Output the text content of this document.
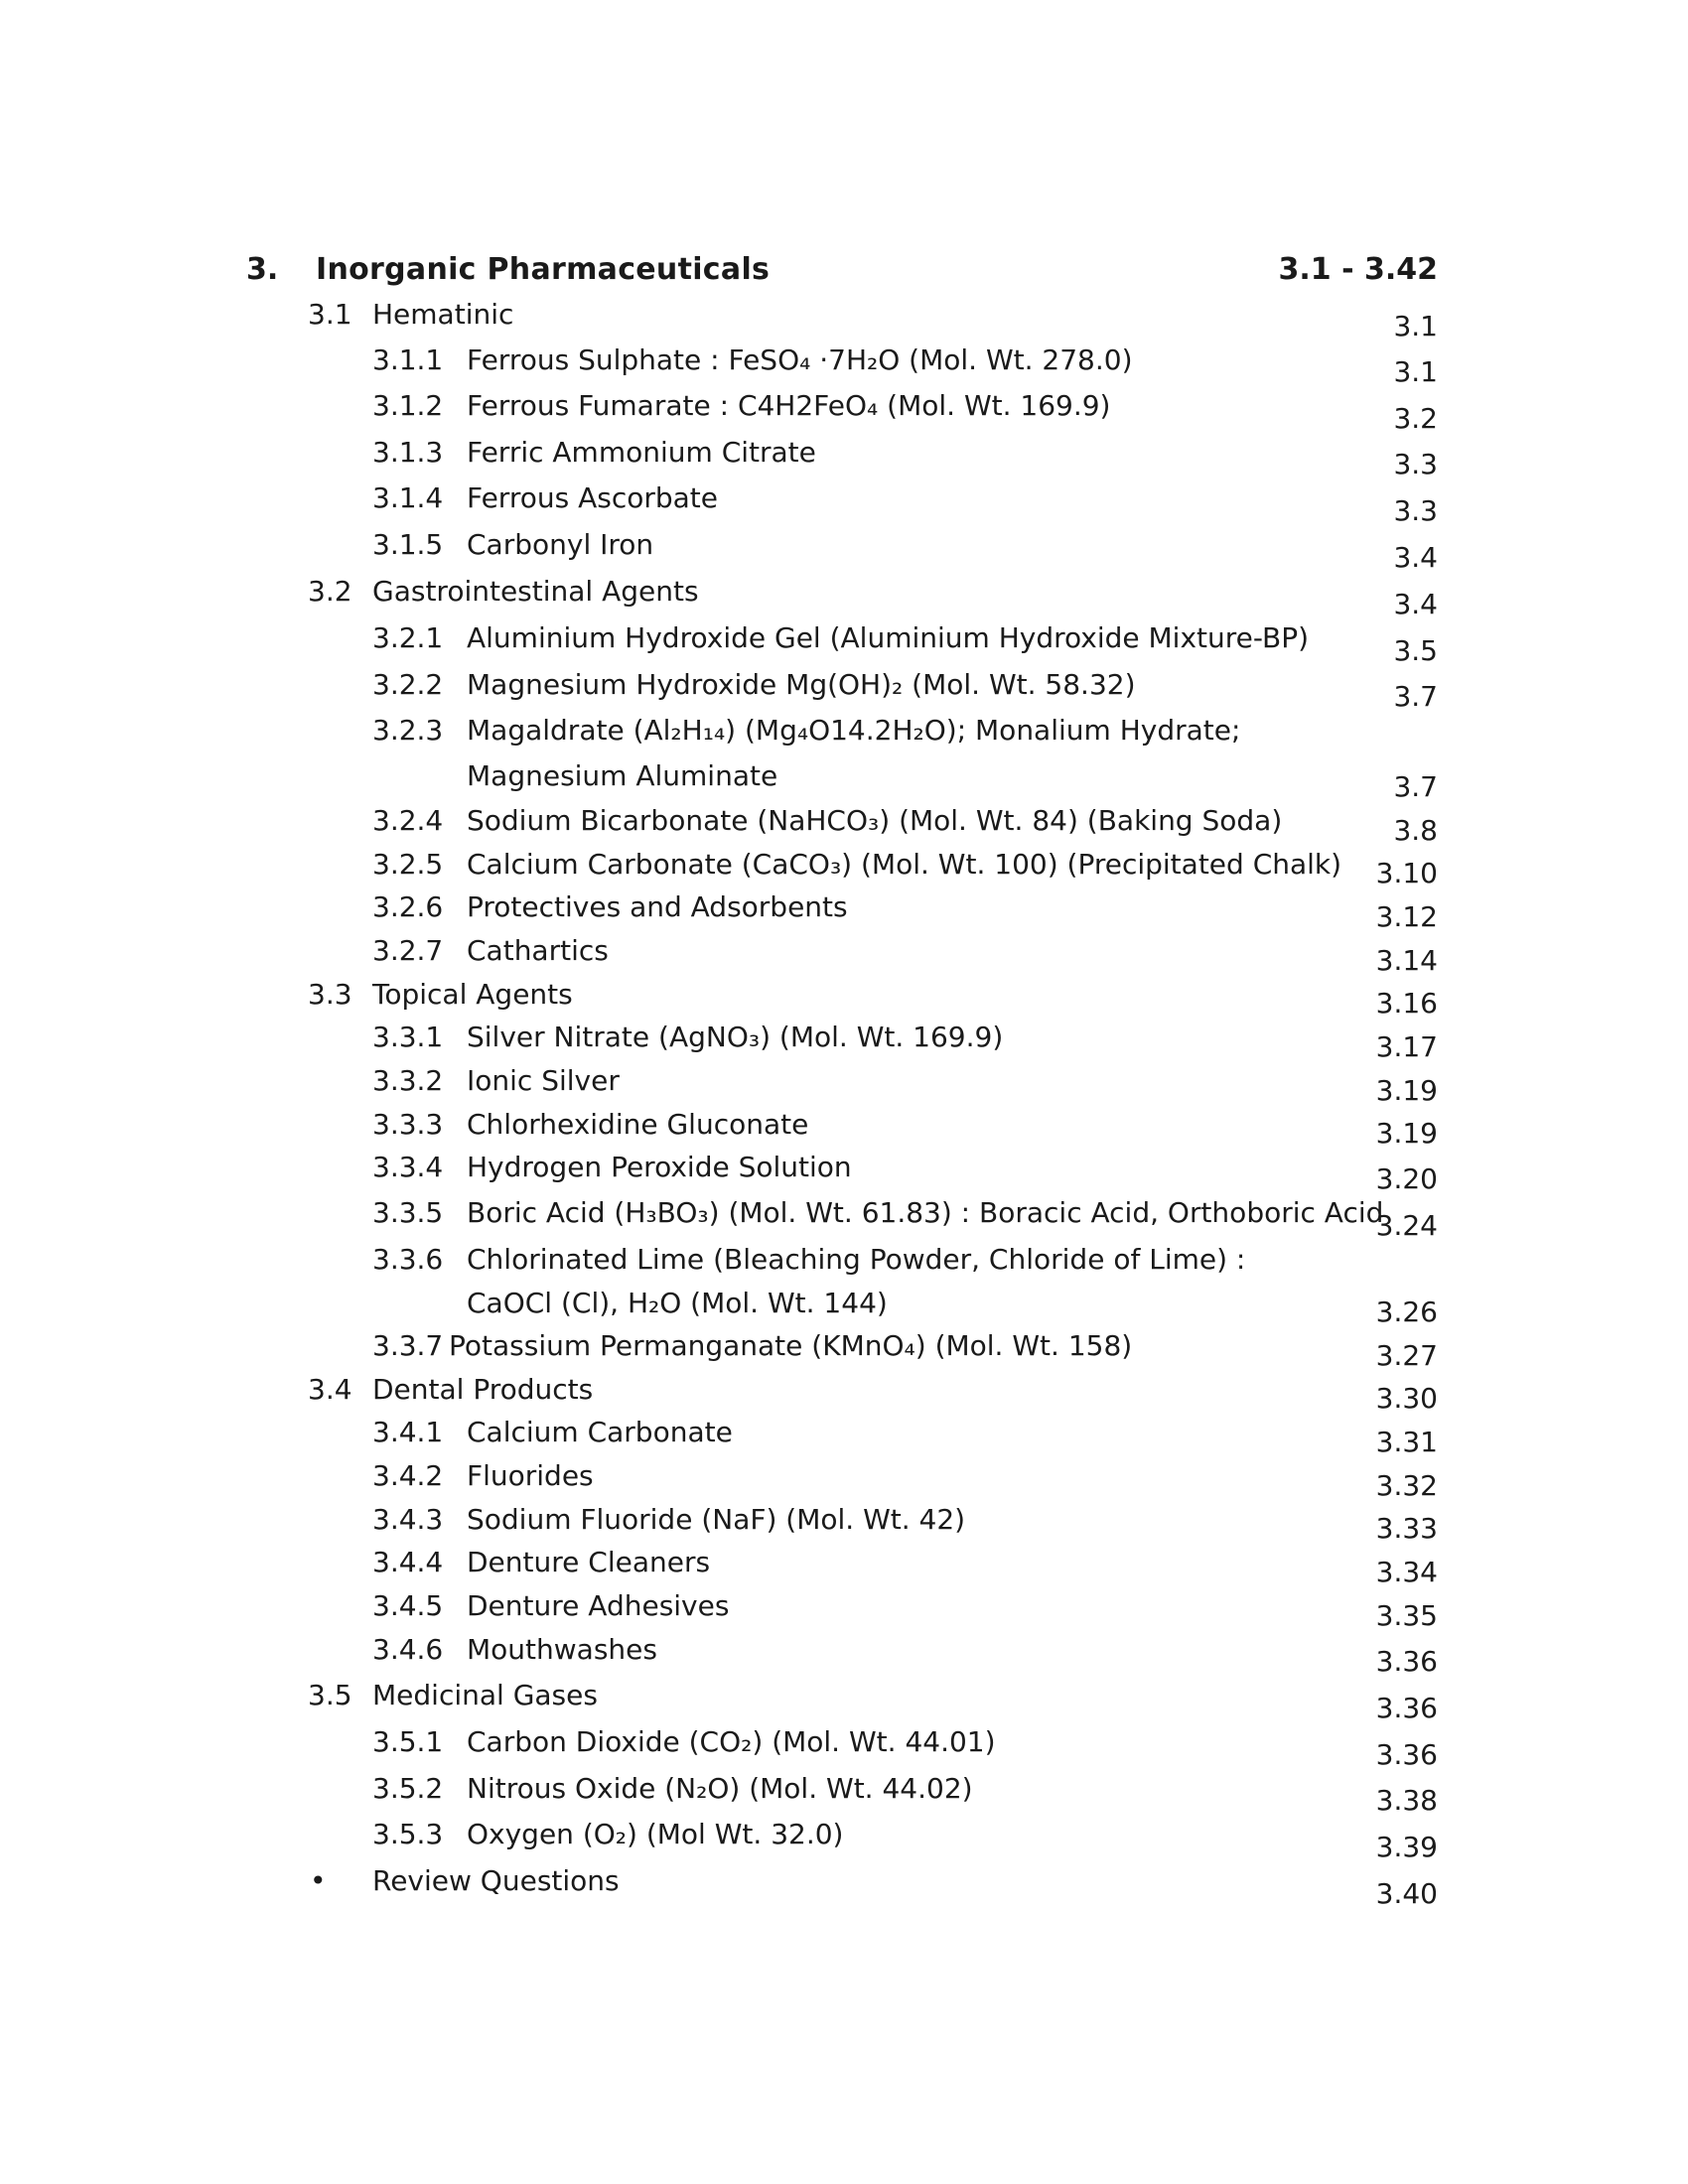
3. Inorganic Pharmaceuticals	3.1 - 3.42
3.1 Hematinic	3.1
3.1.1 Ferrous Sulphate : FeSO₄ ·7H₂O (Mol. Wt. 278.0)	3.1
3.1.2 Ferrous Fumarate : C4H2FeO₄ (Mol. Wt. 169.9)	3.2
3.1.3 Ferric Ammonium Citrate	3.3
3.1.4 Ferrous Ascorbate	3.3
3.1.5 Carbonyl Iron	3.4
3.2 Gastrointestinal Agents	3.4
3.2.1 Aluminium Hydroxide Gel (Aluminium Hydroxide Mixture-BP)	3.5
3.2.2 Magnesium Hydroxide Mg(OH)₂ (Mol. Wt. 58.32)	3.7
3.2.3 Magaldrate (Al₂H₁₄) (Mg₄O14.2H₂O); Monalium Hydrate;
Magnesium Aluminate	3.7
3.2.4 Sodium Bicarbonate (NaHCO₃) (Mol. Wt. 84) (Baking Soda)	3.8
3.2.5 Calcium Carbonate (CaCO₃) (Mol. Wt. 100) (Precipitated Chalk) 3.10
3.2.6 Protectives and Adsorbents	3.12
3.2.7 Cathartics	3.14
3.3 Topical Agents	3.16
3.3.1 Silver Nitrate (AgNO₃) (Mol. Wt. 169.9)	3.17
3.3.2 Ionic Silver	3.19
3.3.3 Chlorhexidine Gluconate	3.19
3.3.4 Hydrogen Peroxide Solution	3.20
3.3.5 Boric Acid (H₃BO₃) (Mol. Wt. 61.83) : Boracic Acid, Orthoboric Acid
3.24
3.3.6 Chlorinated Lime (Bleaching Powder, Chloride of Lime) :
CaOCl (Cl), H₂O (Mol. Wt. 144)	3.26
3.3.7 Potassium Permanganate (KMnO₄) (Mol. Wt. 158)	3.27
3.4 Dental Products	3.30
3.4.1 Calcium Carbonate	3.31
3.4.2 Fluorides	3.32
3.4.3 Sodium Fluoride (NaF) (Mol. Wt. 42)	3.33
3.4.4 Denture Cleaners	3.34
3.4.5 Denture Adhesives	3.35
3.4.6 Mouthwashes	3.36
3.5 Medicinal Gases	3.36
3.5.1 Carbon Dioxide (CO₂) (Mol. Wt. 44.01)	3.36
3.5.2 Nitrous Oxide (N₂O) (Mol. Wt. 44.02)	3.38
3.5.3 Oxygen (O₂) (Mol Wt. 32.0)	3.39
• Review Questions	3.40
